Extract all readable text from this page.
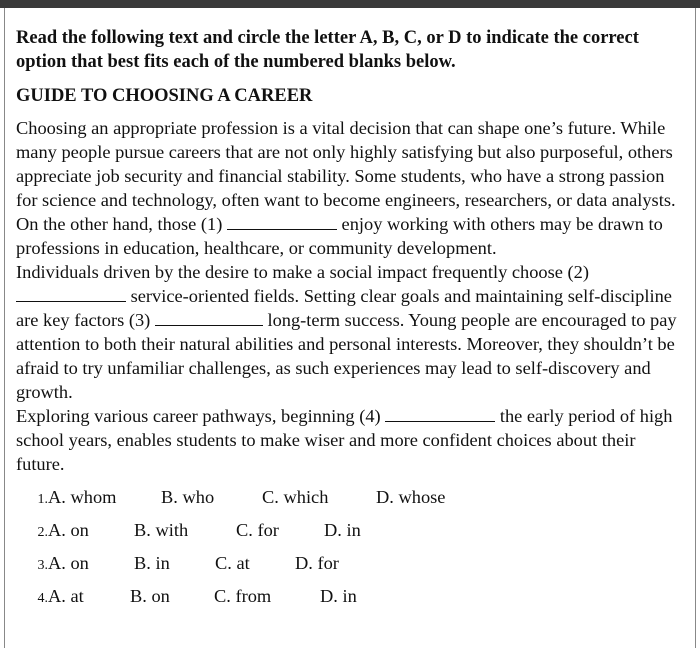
Read the following text and circle the letter A, B, C, or D to indicate the correct option that best fits each of the numbered blanks below.

GUIDE TO CHOOSING A CAREER

Choosing an appropriate profession is a vital decision that can shape one’s future. While many people pursue careers that are not only highly satisfying but also purposeful, others appreciate job security and financial stability. Some students, who have a strong passion for science and technology, often want to become engineers, researchers, or data analysts. On the other hand, those (1)	enjoy working with others may be drawn to professions in education, healthcare, or community development.

Individuals driven by the desire to make a social impact frequently choose (2)  service-oriented fields. Setting clear goals and maintaining self-discipline are key factors (3)	long-term success. Young people are encouraged to pay attention to both their natural abilities and personal interests. Moreover, they shouldn’t be afraid to try unfamiliar challenges, as such experiences may lead to self-discovery and growth.

Exploring various career pathways, beginning (4)	the early period of high school years, enables students to make wiser and more confident choices about their future.

1. A. whom	B. who	C. which	D. whose
2. A. on	B. with	C. for	D. in
3. A. on	B. in	C. at	D. for
4. A. at	B. on	C. from	D. in
